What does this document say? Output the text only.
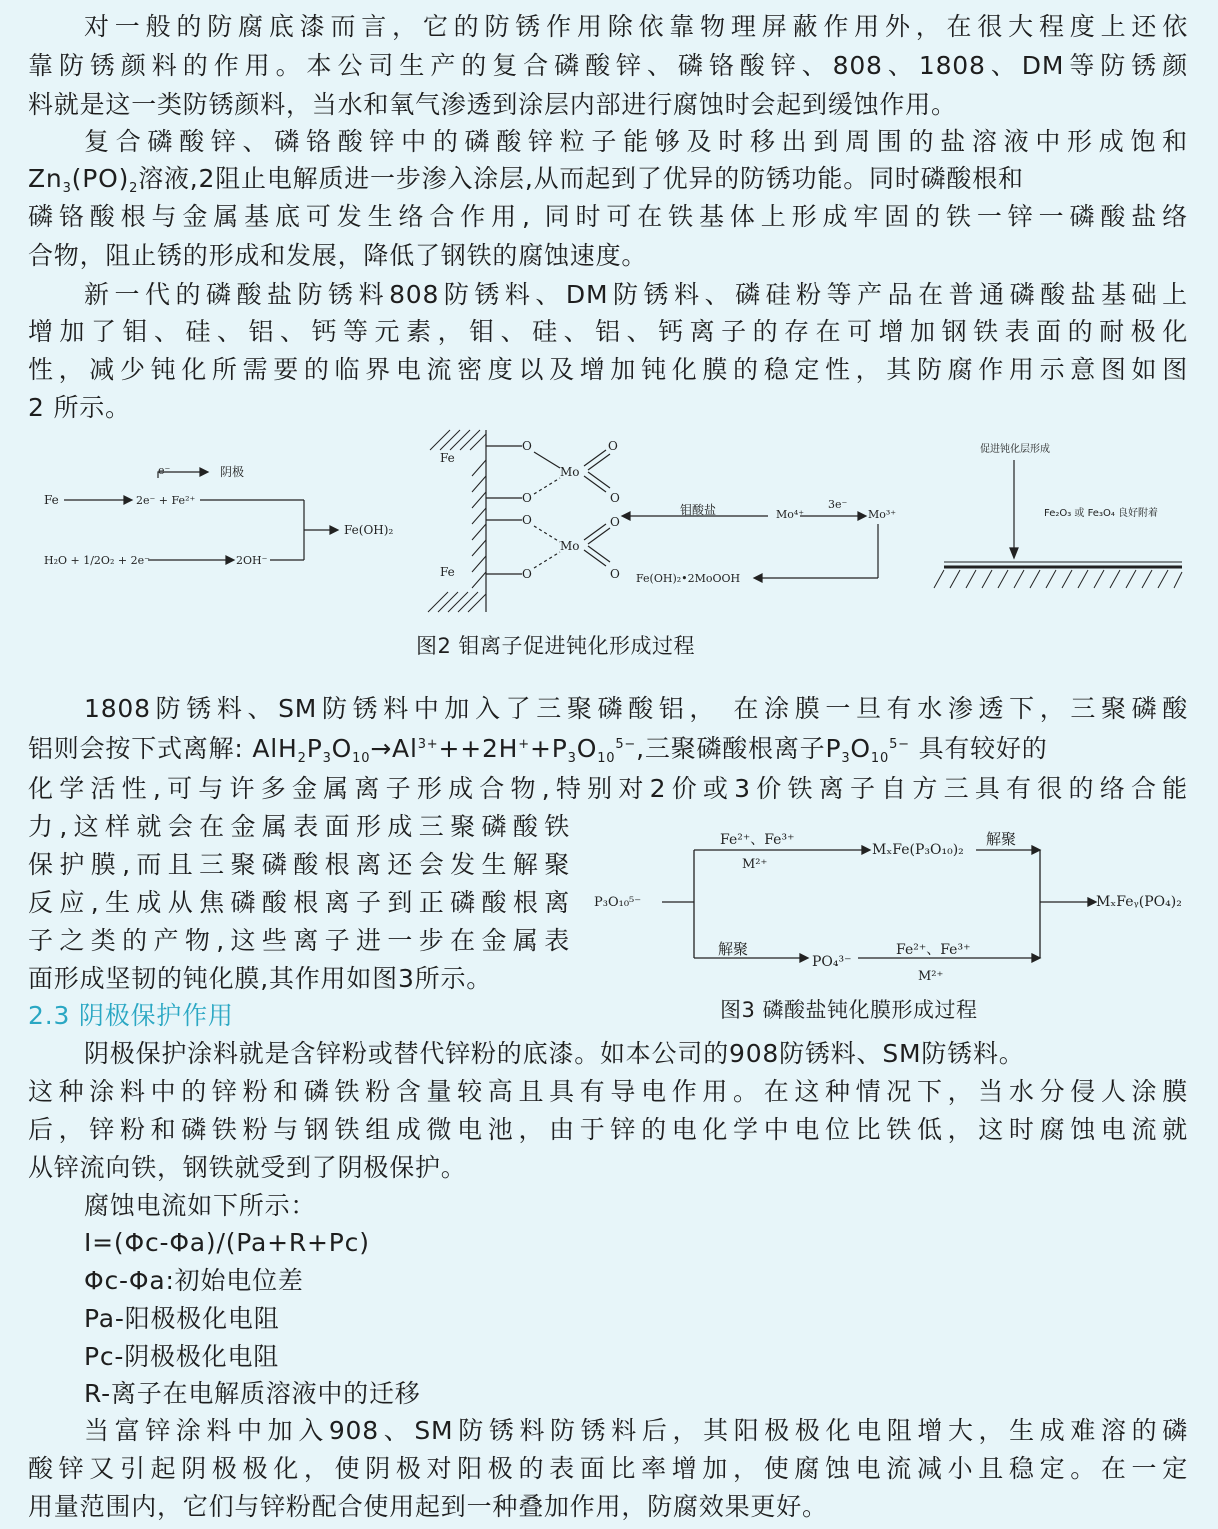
对一般的防腐底漆而言，它的防锈作用除依靠物理屏蔽作用外，在很大程度上还依
靠防锈颜料的作用。本公司生产的复合磷酸锌、磷铬酸锌、808、1808、DM等防锈颜
料就是这一类防锈颜料，当水和氧气渗透到涂层内部进行腐蚀时会起到缓蚀作用。
复合磷酸锌、磷铬酸锌中的磷酸锌粒子能够及时移出到周围的盐溶液中形成饱和
$Zn_3(PO)_2$溶液,2阻止电解质进一步渗入涂层,从而起到了优异的防锈功能。同时磷酸根和
磷铬酸根与金属基底可发生络合作用, 同时可在铁基体上形成牢固的铁一锌一磷酸盐络
合物，阻止锈的形成和发展，降低了钢铁的腐蚀速度。
新一代的磷酸盐防锈料808防锈料、DM防锈料、磷硅粉等产品在普通磷酸盐基础上
增加了钼、硅、铝、钙等元素，钼、硅、铝、钙离子的存在可增加钢铁表面的耐极化
性，减少钝化所需要的临界电流密度以及增加钝化膜的稳定性，其防腐作用示意图如图
2 所示。
Fe
e⁻	阴极
2e⁻ + Fe²⁺
H₂O + 1/2O₂ + 2e⁻	2OH⁻
Fe(OH)₂
Fe
Fe
O
O
O
O
Mo
Mo
O
O
O
O
钼酸盐	Mo⁴⁺
3e⁻
Mo³⁺
Fe(OH)₂•2MoOOH
促进钝化层形成
Fe₂O₃ 或 Fe₃O₄ 良好附着
图2 钼离子促进钝化形成过程
1808防锈料、SM防锈料中加入了三聚磷酸铝， 在涂膜一旦有水渗透下，三聚磷酸
铝则会按下式离解: $AlH_2P_3O_{10}\to Al^{3+}++2H^++P_3O_{10}^{5-}$,三聚磷酸根离子$P_3O_{10}^{5-}$ 具有较好的
化学活性,可与许多金属离子形成合物,特别对2价或3价铁离子自方三具有很的络合能
力,这样就会在金属表面形成三聚磷酸铁
保护膜,而且三聚磷酸根离还会发生解聚
反应,生成从焦磷酸根离子到正磷酸根离
子之类的产物,这些离子进一步在金属表
面形成坚韧的钝化膜,其作用如图3所示。
P₃O₁₀⁵⁻
Fe²⁺、Fe³⁺
M²⁺
MₓFe(P₃O₁₀)₂
解聚
MₓFeᵧ(PO₄)₂
解聚
PO₄³⁻
Fe²⁺、Fe³⁺
M²⁺
图3 磷酸盐钝化膜形成过程
2.3 阴极保护作用
阴极保护涂料就是含锌粉或替代锌粉的底漆。如本公司的908防锈料、SM防锈料。
这种涂料中的锌粉和磷铁粉含量较高且具有导电作用。在这种情况下，当水分侵人涂膜
后，锌粉和磷铁粉与钢铁组成微电池，由于锌的电化学中电位比铁低，这时腐蚀电流就
从锌流向铁，钢铁就受到了阴极保护。
腐蚀电流如下所示：
I=(Φc-Φa)/(Pa+R+Pc)
Φc-Φa:初始电位差
Pa-阳极极化电阻
Pc-阴极极化电阻
R-离子在电解质溶液中的迁移
当富锌涂料中加入908、SM防锈料防锈料后，其阳极极化电阻增大，生成难溶的磷
酸锌又引起阴极极化，使阴极对阳极的表面比率增加，使腐蚀电流减小且稳定。在一定
用量范围内，它们与锌粉配合使用起到一种叠加作用，防腐效果更好。
